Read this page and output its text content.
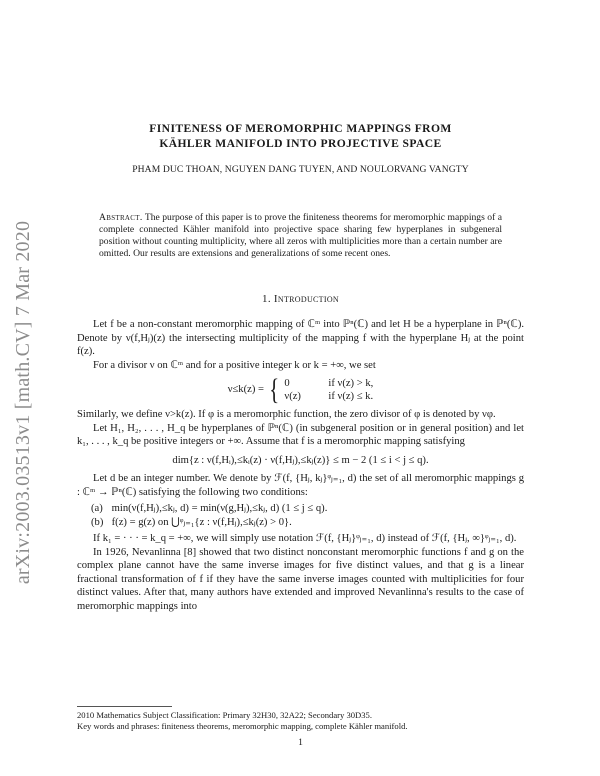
arXiv:2003.03513v1 [math.CV] 7 Mar 2020
FINITENESS OF MEROMORPHIC MAPPINGS FROM
KÄHLER MANIFOLD INTO PROJECTIVE SPACE
PHAM DUC THOAN, NGUYEN DANG TUYEN, AND NOULORVANG VANGTY
Abstract. The purpose of this paper is to prove the finiteness theorems for meromorphic mappings of a complete connected Kähler manifold into projective space sharing few hyperplanes in subgeneral position without counting multiplicity, where all zeros with multiplicities more than a certain number are omitted. Our results are extensions and generalizations of some recent ones.
1. Introduction

Let f be a non-constant meromorphic mapping of ℂᵐ into ℙⁿ(ℂ) and let H be a hyperplane in ℙⁿ(ℂ). Denote by ν(f,Hⱼ)(z) the intersecting multiplicity of the mapping f with the hyperplane Hⱼ at the point f(z).

For a divisor ν on ℂᵐ and for a positive integer k or k = +∞, we set

ν≤k(z) = { 0	if ν(z) > k,
ν(z)	if ν(z) ≤ k.

Similarly, we define ν>k(z). If φ is a meromorphic function, the zero divisor of φ is denoted by νφ.

Let H₁, H₂, . . . , H_q be hyperplanes of ℙⁿ(ℂ) (in subgeneral position or in general position) and let k₁, . . . , k_q be positive integers or +∞. Assume that f is a meromorphic mapping satisfying

dim{z : ν(f,Hᵢ),≤kᵢ(z) · ν(f,Hⱼ),≤kⱼ(z)} ≤ m − 2 (1 ≤ i < j ≤ q).

Let d be an integer number. We denote by ℱ(f, {Hⱼ, kⱼ}ᵠⱼ₌₁, d) the set of all meromorphic mappings g : ℂᵐ → ℙⁿ(ℂ) satisfying the following two conditions:

(a) min(ν(f,Hⱼ),≤kⱼ, d) = min(ν(g,Hⱼ),≤kⱼ, d) (1 ≤ j ≤ q).
(b) f(z) = g(z) on ⋃ᵠⱼ₌₁{z : ν(f,Hⱼ),≤kⱼ(z) > 0}.

If k₁ = · · · = k_q = +∞, we will simply use notation ℱ(f, {Hⱼ}ᵠⱼ₌₁, d) instead of ℱ(f, {Hⱼ, ∞}ᵠⱼ₌₁, d).

In 1926, Nevanlinna [8] showed that two distinct nonconstant meromorphic functions f and g on the complex plane cannot have the same inverse images for five distinct values, and that g is a linear fractional transformation of f if they have the same inverse images counted with multiplicities for four distinct values. After that, many authors have extended and improved Nevanlinna's results to the case of meromorphic mappings into

2010 Mathematics Subject Classification: Primary 32H30, 32A22; Secondary 30D35.
Key words and phrases: finiteness theorems, meromorphic mapping, complete Kähler manifold.
1
